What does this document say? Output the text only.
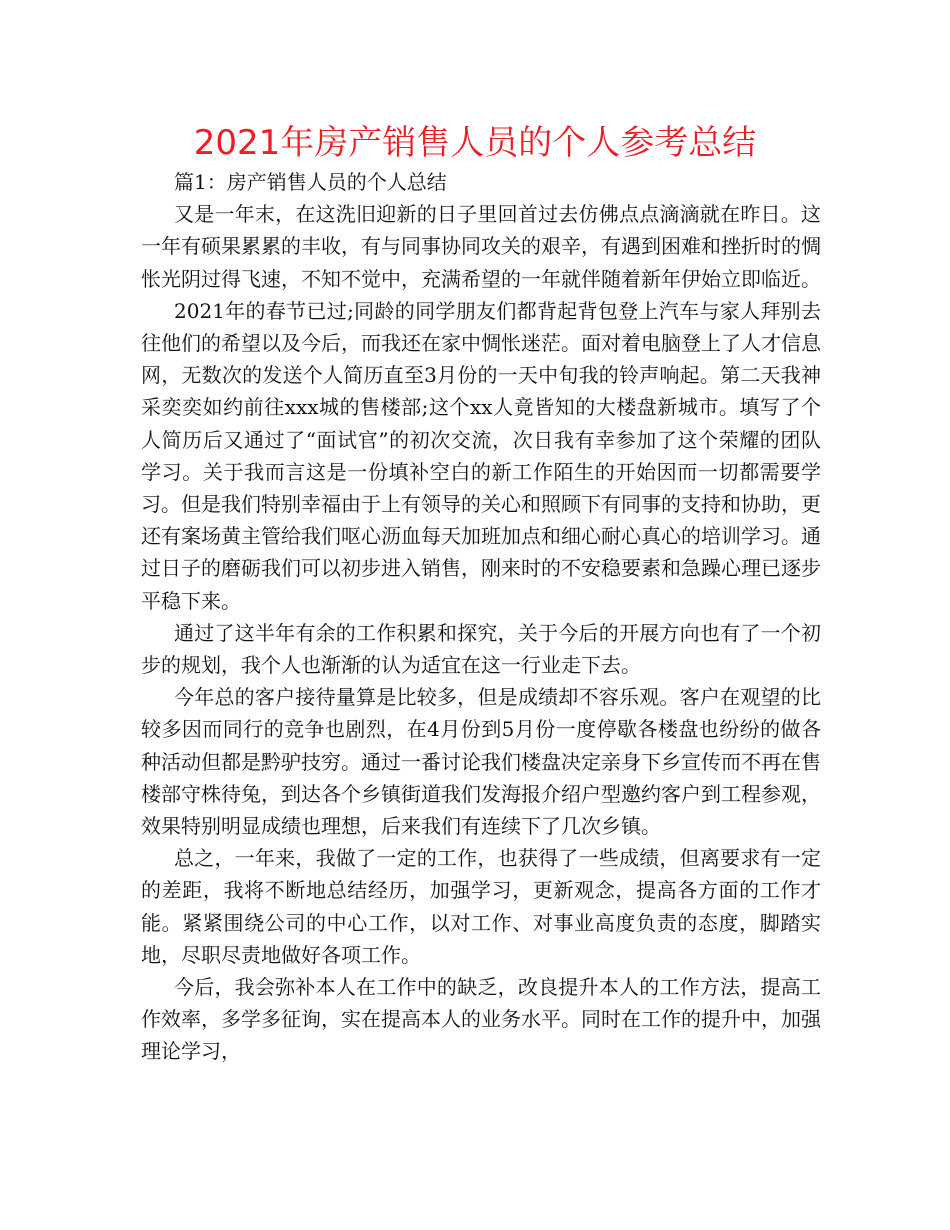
2021年房产销售人员的个人参考总结

篇1：房产销售人员的个人总结

又是一年末，在这洗旧迎新的日子里回首过去仿佛点点滴滴就在昨日。这一年有硕果累累的丰收，有与同事协同攻关的艰辛，有遇到困难和挫折时的惆怅光阴过得飞速，不知不觉中，充满希望的一年就伴随着新年伊始立即临近。

2021年的春节已过;同龄的同学朋友们都背起背包登上汽车与家人拜别去往他们的希望以及今后，而我还在家中惆怅迷茫。面对着电脑登上了人才信息网，无数次的发送个人简历直至3月份的一天中旬我的铃声响起。第二天我神采奕奕如约前往xxx城的售楼部;这个xx人竟皆知的大楼盘新城市。填写了个人简历后又通过了“面试官”的初次交流，次日我有幸参加了这个荣耀的团队学习。关于我而言这是一份填补空白的新工作陌生的开始因而一切都需要学习。但是我们特别幸福由于上有领导的关心和照顾下有同事的支持和协助，更还有案场黄主管给我们呕心沥血每天加班加点和细心耐心真心的培训学习。通过日子的磨砺我们可以初步进入销售，刚来时的不安稳要素和急躁心理已逐步平稳下来。

通过了这半年有余的工作积累和探究，关于今后的开展方向也有了一个初步的规划，我个人也渐渐的认为适宜在这一行业走下去。

今年总的客户接待量算是比较多，但是成绩却不容乐观。客户在观望的比较多因而同行的竞争也剧烈，在4月份到5月份一度停歇各楼盘也纷纷的做各种活动但都是黔驴技穷。通过一番讨论我们楼盘决定亲身下乡宣传而不再在售楼部守株待兔，到达各个乡镇街道我们发海报介绍户型邀约客户到工程参观，效果特别明显成绩也理想，后来我们有连续下了几次乡镇。

总之，一年来，我做了一定的工作，也获得了一些成绩，但离要求有一定的差距，我将不断地总结经历，加强学习，更新观念，提高各方面的工作才能。紧紧围绕公司的中心工作，以对工作、对事业高度负责的态度，脚踏实地，尽职尽责地做好各项工作。

今后，我会弥补本人在工作中的缺乏，改良提升本人的工作方法，提高工作效率，多学多征询，实在提高本人的业务水平。同时在工作的提升中，加强理论学习，
